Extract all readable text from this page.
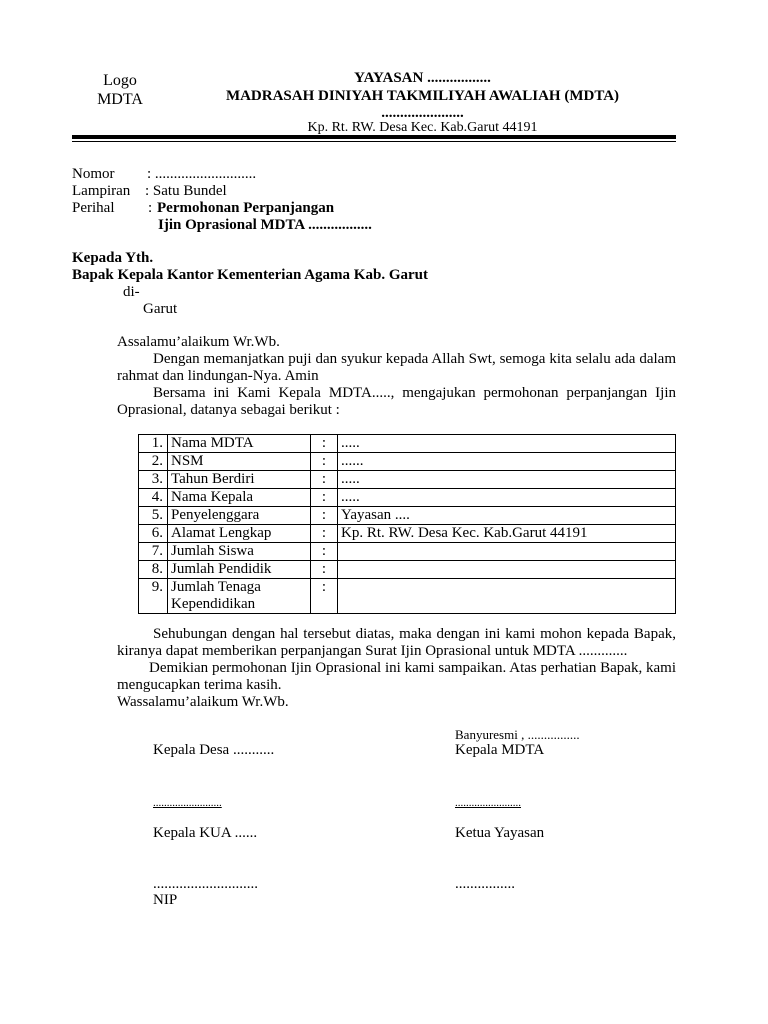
Logo MDTA
YAYASAN .................
MADRASAH DINIYAH TAKMILIYAH AWALIAH (MDTA)
......................
Kp. Rt. RW. Desa Kec. Kab.Garut 44191
Nomor : ...........................
Lampiran : Satu Bundel
Perihal : Permohonan Perpanjangan
Ijin Oprasional MDTA .................
Kepada Yth.
Bapak Kepala Kantor Kementerian Agama Kab. Garut
di-
Garut
Assalamu’alaikum Wr.Wb.
Dengan memanjatkan puji dan syukur kepada Allah Swt, semoga kita selalu ada dalam rahmat dan lindungan-Nya. Amin
Bersama ini Kami Kepala MDTA....., mengajukan permohonan perpanjangan Ijin Oprasional, datanya sebagai berikut :
1.	Nama MDTA	:	.....
2.	NSM	:	......
3.	Tahun Berdiri	:	.....
4.	Nama Kepala	:	.....
5.	Penyelenggara	:	Yayasan ....
6.	Alamat Lengkap	:	Kp. Rt. RW. Desa Kec. Kab.Garut 44191
7.	Jumlah Siswa	:	
8.	Jumlah Pendidik	:	
9.	Jumlah Tenaga Kependidikan	:	
Sehubungan dengan hal tersebut diatas, maka dengan ini kami mohon kepada Bapak, kiranya dapat memberikan perpanjangan Surat Ijin Oprasional untuk MDTA .............
Demikian permohonan Ijin Oprasional ini kami sampaikan. Atas perhatian Bapak, kami mengucapkan terima kasih.
Wassalamu’alaikum Wr.Wb.
Banyuresmi , ................
Kepala Desa ...........	Kepala MDTA
.........................	........................
Kepala KUA ......	Ketua Yayasan
............................	................
NIP
